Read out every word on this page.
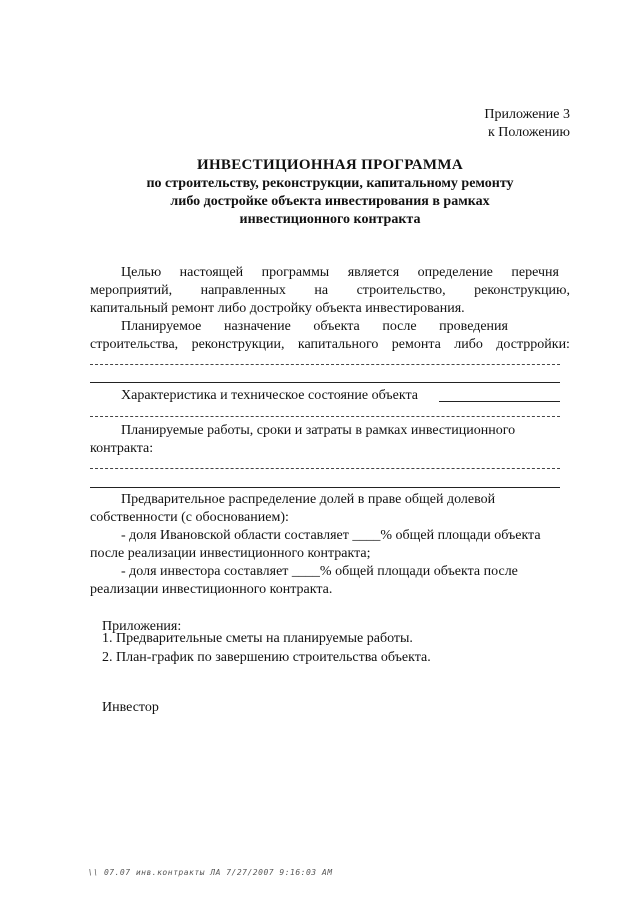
Приложение 3
к Положению
ИНВЕСТИЦИОННАЯ ПРОГРАММА
по строительству, реконструкции, капитальному ремонту
либо достройке объекта инвестирования в рамках
инвестиционного контракта
Целью настоящей программы является определение перечня
мероприятий, направленных на строительство, реконструкцию,
капитальный ремонт либо достройку объекта инвестирования.
Планируемое назначение объекта после проведения
строительства, реконструкции, капитального ремонта либо дострройки:
Характеристика и техническое состояние объекта
Планируемые работы, сроки и затраты в рамках инвестиционного
контракта:
Предварительное распределение долей в праве общей долевой
собственности (с обоснованием):
- доля Ивановской области составляет ____% общей площади объекта
после реализации инвестиционного контракта;
- доля инвестора составляет ____% общей площади объекта после
реализации инвестиционного контракта.
Приложения:
1. Предварительные сметы на планируемые работы.
2. План-график по завершению строительства объекта.
Инвестор
\\ 07.07 инв.контракты ЛА 7/27/2007 9:16:03 AM
